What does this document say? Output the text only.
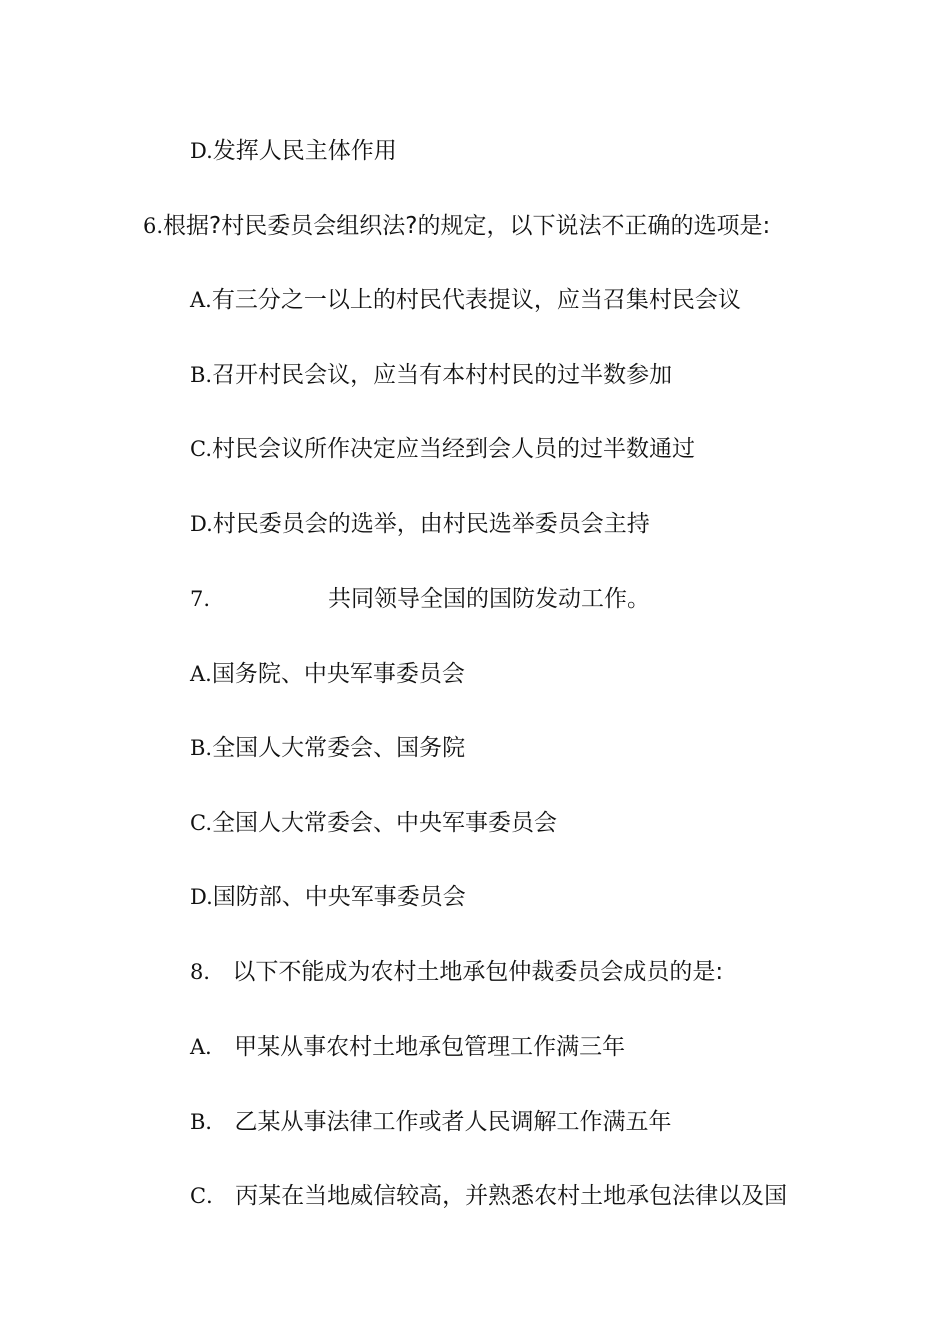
D.发挥人民主体作用
6.根据?村民委员会组织法?的规定，以下说法不正确的选项是:
A.有三分之一以上的村民代表提议，应当召集村民会议
B.召开村民会议，应当有本村村民的过半数参加
C.村民会议所作决定应当经到会人员的过半数通过
D.村民委员会的选举，由村民选举委员会主持
7.	共同领导全国的国防发动工作。
A.国务院、中央军事委员会
B.全国人大常委会、国务院
C.全国人大常委会、中央军事委员会
D.国防部、中央军事委员会
8． 以下不能成为农村土地承包仲裁委员会成员的是:
A． 甲某从事农村土地承包管理工作满三年
B． 乙某从事法律工作或者人民调解工作满五年
C． 丙某在当地威信较高，并熟悉农村土地承包法律以及国
